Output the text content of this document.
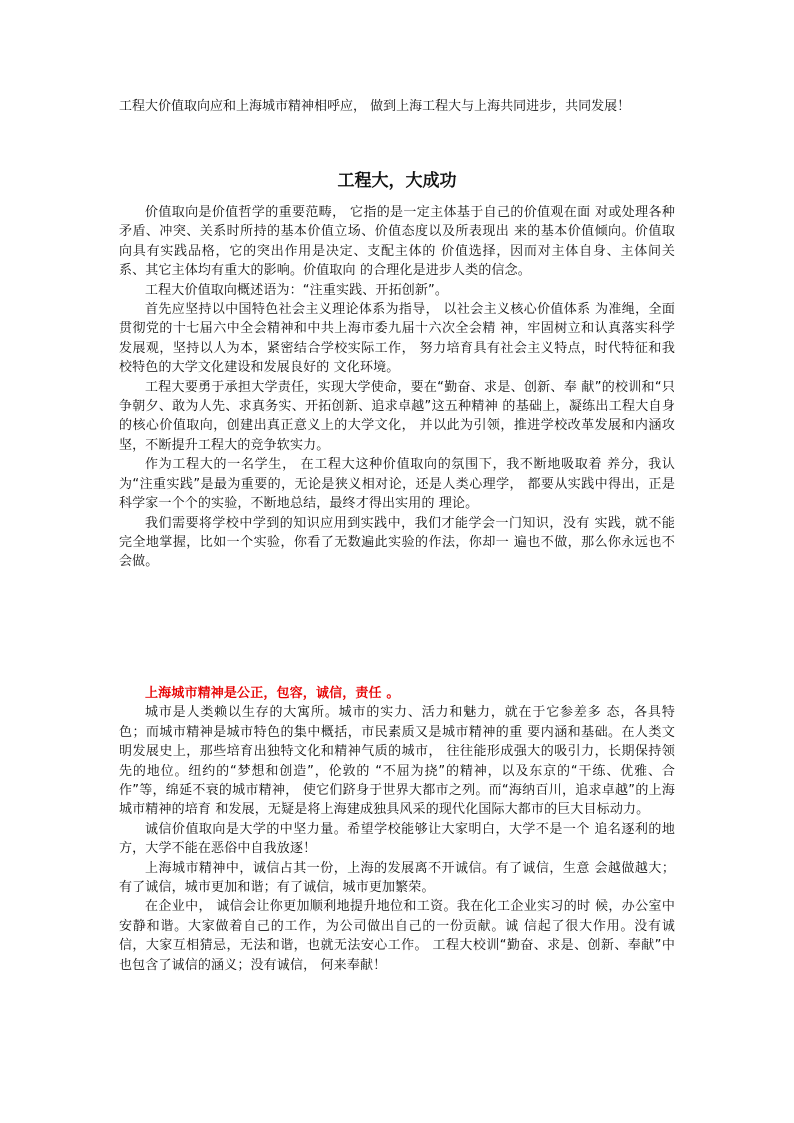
工程大价值取向应和上海城市精神相呼应， 做到上海工程大与上海共同进步，共同发展！
工程大，大成功

价值取向是价值哲学的重要范畴， 它指的是一定主体基于自己的价值观在面 对或处理各种矛盾、冲突、关系时所持的基本价值立场、价值态度以及所表现出 来的基本价值倾向。价值取向具有实践品格，它的突出作用是决定、支配主体的 价值选择，因而对主体自身、主体间关系、其它主体均有重大的影响。价值取向 的合理化是进步人类的信念。

工程大价值取向概述语为：“注重实践、开拓创新”。

首先应坚持以中国特色社会主义理论体系为指导， 以社会主义核心价值体系 为准绳，全面贯彻党的十七届六中全会精神和中共上海市委九届十六次全会精 神，牢固树立和认真落实科学发展观，坚持以人为本，紧密结合学校实际工作， 努力培育具有社会主义特点，时代特征和我校特色的大学文化建设和发展良好的 文化环境。

工程大要勇于承担大学责任，实现大学使命，要在“勤奋、求是、创新、奉 献”的校训和“只争朝夕、敢为人先、求真务实、开拓创新、追求卓越”这五种精神 的基础上，凝练出工程大自身的核心价值取向，创建出真正意义上的大学文化， 并以此为引领，推进学校改革发展和内涵攻坚，不断提升工程大的竞争软实力。

作为工程大的一名学生， 在工程大这种价值取向的氛围下，我不断地吸取着 养分，我认为“注重实践”是最为重要的，无论是狭义相对论，还是人类心理学， 都要从实践中得出，正是科学家一个个的实验，不断地总结，最终才得出实用的 理论。

我们需要将学校中学到的知识应用到实践中，我们才能学会一门知识，没有 实践，就不能完全地掌握，比如一个实验，你看了无数遍此实验的作法，你却一 遍也不做，那么你永远也不会做。

上海城市精神是公正，包容，诚信，责任 。

城市是人类赖以生存的大寓所。城市的实力、活力和魅力，就在于它参差多 态，各具特色；而城市精神是城市特色的集中概括，市民素质又是城市精神的重 要内涵和基础。在人类文明发展史上，那些培育出独特文化和精神气质的城市， 往往能形成强大的吸引力，长期保持领先的地位。纽约的“梦想和创造”，伦敦的 “不屈为挠”的精神，以及东京的“干练、优雅、合作”等，绵延不衰的城市精神， 使它们跻身于世界大都市之列。而“海纳百川，追求卓越”的上海城市精神的培育 和发展，无疑是将上海建成独具风采的现代化国际大都市的巨大目标动力。

诚信价值取向是大学的中坚力量。希望学校能够让大家明白，大学不是一个 追名逐利的地方，大学不能在恶俗中自我放逐！

上海城市精神中，诚信占其一份，上海的发展离不开诚信。有了诚信，生意 会越做越大；有了诚信，城市更加和谐；有了诚信，城市更加繁荣。

在企业中， 诚信会让你更加顺利地提升地位和工资。我在化工企业实习的时 候，办公室中安静和谐。大家做着自己的工作，为公司做出自己的一份贡献。诚 信起了很大作用。没有诚信，大家互相猜忌，无法和谐，也就无法安心工作。 工程大校训“勤奋、求是、创新、奉献”中也包含了诚信的涵义；没有诚信， 何来奉献！
